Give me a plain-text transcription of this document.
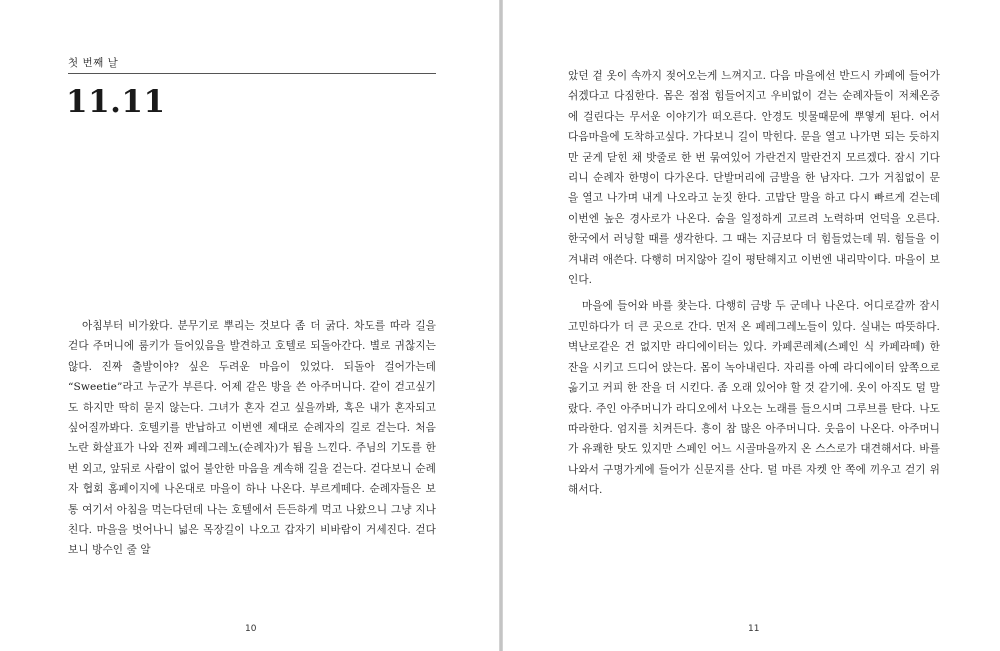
첫 번째 날
11.11

아침부터 비가왔다. 분무기로 뿌리는 것보다 좀 더 굵다. 차도를 따라 길을 걷다 주머니에 룸키가 들어있음을 발견하고 호텔로 되돌아간다. 별로 귀찮지는 않다. 진짜 출발이야? 싶은 두려운 마음이 있었다. 되돌아 걸어가는데 “Sweetie”라고 누군가 부른다. 어제 같은 방을 쓴 아주머니다. 같이 걷고싶기도 하지만 딱히 묻지 않는다. 그녀가 혼자 걷고 싶을까봐, 혹은 내가 혼자되고 싶어질까봐다. 호텔키를 반납하고 이번엔 제대로 순례자의 길로 걷는다. 처음 노란 화살표가 나와 진짜 페레그레노(순례자)가 됨을 느낀다. 주님의 기도를 한 번 외고, 앞뒤로 사람이 없어 불안한 마음을 계속해 길을 걷는다. 걷다보니 순례자 협회 홈페이지에 나온대로 마을이 하나 나온다. 부르게떼다. 순례자들은 보통 여기서 아침을 먹는다던데 나는 호텔에서 든든하게 먹고 나왔으니 그냥 지나친다. 마을을 벗어나니 넓은 목장길이 나오고 갑자기 비바람이 거세진다. 걷다보니 방수인 줄 알

10

았던 겉 옷이 속까지 젖어오는게 느껴지고. 다음 마을에선 반드시 카페에 들어가 쉬겠다고 다짐한다. 몸은 점점 힘들어지고 우비없이 걷는 순례자들이 저체온증에 걸린다는 무서운 이야기가 떠오른다. 안경도 빗물때문에 뿌옇게 된다. 어서 다음마을에 도착하고싶다. 가다보니 길이 막힌다. 문을 열고 나가면 되는 듯하지만 굳게 닫힌 채 밧줄로 한 번 묶여있어 가란건지 말란건지 모르겠다. 잠시 기다리니 순례자 한명이 다가온다. 단발머리에 금발을 한 남자다. 그가 거침없이 문을 열고 나가며 내게 나오라고 눈짓 한다. 고맙단 말을 하고 다시 빠르게 걷는데 이번엔 높은 경사로가 나온다. 숨을 일정하게 고르려 노력하며 언덕을 오른다. 한국에서 러닝할 때를 생각한다. 그 때는 지금보다 더 힘들었는데 뭐. 힘들을 이겨내려 애쓴다. 다행히 머지않아 길이 평탄해지고 이번엔 내리막이다. 마을이 보인다.

마을에 들어와 바를 찾는다. 다행히 금방 두 군데나 나온다. 어디로갈까 잠시 고민하다가 더 큰 곳으로 간다. 먼저 온 페레그레노들이 있다. 실내는 따뜻하다. 벽난로같은 건 없지만 라디에이터는 있다. 카페콘레체(스페인 식 카페라떼) 한 잔을 시키고 드디어 앉는다. 몸이 녹아내린다. 자리를 아예 라디에이터 앞쪽으로 옮기고 커피 한 잔을 더 시킨다. 좀 오래 있어야 할 것 같기에. 옷이 아직도 덜 말랐다. 주인 아주머니가 라디오에서 나오는 노래를 들으시며 그루브를 탄다. 나도 따라한다. 엄지를 치켜든다. 흥이 참 많은 아주머니다. 웃음이 나온다. 아주머니가 유쾌한 탓도 있지만 스페인 어느 시골마을까지 온 스스로가 대견해서다. 바를 나와서 구명가게에 들어가 신문지를 산다. 덜 마른 자켓 안 쪽에 끼우고 걷기 위해서다.

11
